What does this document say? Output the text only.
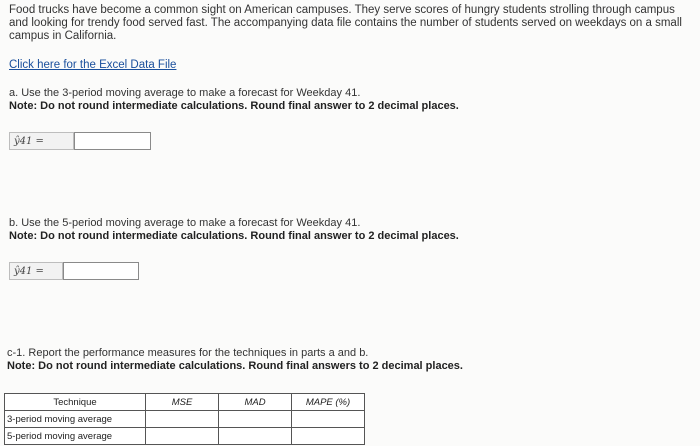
Food trucks have become a common sight on American campuses. They serve scores of hungry students strolling through campus and looking for trendy food served fast. The accompanying data file contains the number of students served on weekdays on a small campus in California.
Click here for the Excel Data File
a. Use the 3-period moving average to make a forecast for Weekday 41.
Note: Do not round intermediate calculations. Round final answer to 2 decimal places.
ŷ41 =
b. Use the 5-period moving average to make a forecast for Weekday 41.
Note: Do not round intermediate calculations. Round final answer to 2 decimal places.
ŷ41 =
c-1. Report the performance measures for the techniques in parts a and b.
Note: Do not round intermediate calculations. Round final answers to 2 decimal places.
Technique	MSE	MAD	MAPE (%)
3-period moving average			
5-period moving average			
